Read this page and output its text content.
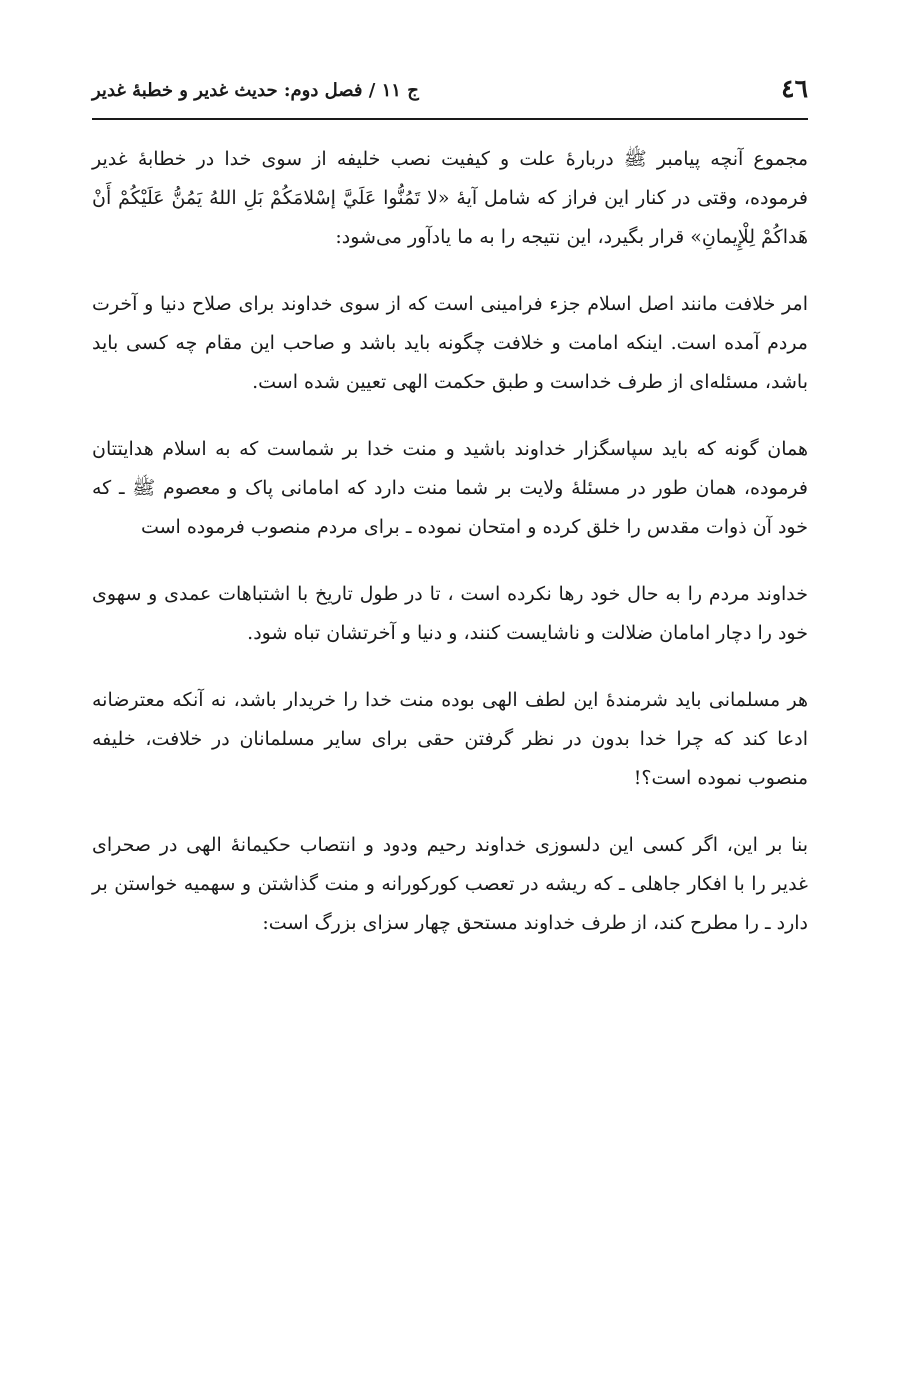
٤٦
ج ۱۱ / فصل دوم: حدیث غدیر و خطبهٔ غدیر

مجموع آنچه پیامبر ﷺ دربارهٔ علت و کیفیت نصب خلیفه از سوی خدا در خطابهٔ غدیر فرموده، وقتی در کنار این فراز که شامل آیهٔ «لا تَمُنُّوا عَلَيَّ إسْلامَكُمْ بَلِ اللهُ يَمُنُّ عَلَيْكُمْ أَنْ هَداكُمْ لِلْإِيمانِ» قرار بگیرد، این نتیجه را به ما یادآور می‌شود:

امر خلافت مانند اصل اسلام جزء فرامینی است که از سوی خداوند برای صلاح دنیا و آخرت مردم آمده است. اینکه امامت و خلافت چگونه باید باشد و صاحب این مقام چه کسی باید باشد، مسئله‌ای از طرف خداست و طبق حکمت الهی تعیین شده است.

همان گونه که باید سپاسگزار خداوند باشید و منت خدا بر شماست که به اسلام هدایتتان فرموده، همان طور در مسئلهٔ ولایت بر شما منت دارد که امامانی پاک و معصوم ﷺ ـ که خود آن ذوات مقدس را خلق کرده و امتحان نموده ـ برای مردم منصوب فرموده است

خداوند مردم را به حال خود رها نکرده است ، تا در طول تاریخ با اشتباهات عمدی و سهوی خود را دچار امامان ضلالت و ناشایست کنند، و دنیا و آخرتشان تباه شود.

هر مسلمانی باید شرمندهٔ این لطف الهی بوده منت خدا را خریدار باشد، نه آنکه معترضانه ادعا کند که چرا خدا بدون در نظر گرفتن حقی برای سایر مسلمانان در خلافت، خلیفه منصوب نموده است؟!

بنا بر این، اگر کسی این دلسوزی خداوند رحیم ودود و انتصاب حکیمانهٔ الهی در صحرای غدیر را با افکار جاهلی ـ که ریشه در تعصب کورکورانه و منت گذاشتن و سهمیه خواستن بر دارد ـ را مطرح کند، از طرف خداوند مستحق چهار سزای بزرگ است:
